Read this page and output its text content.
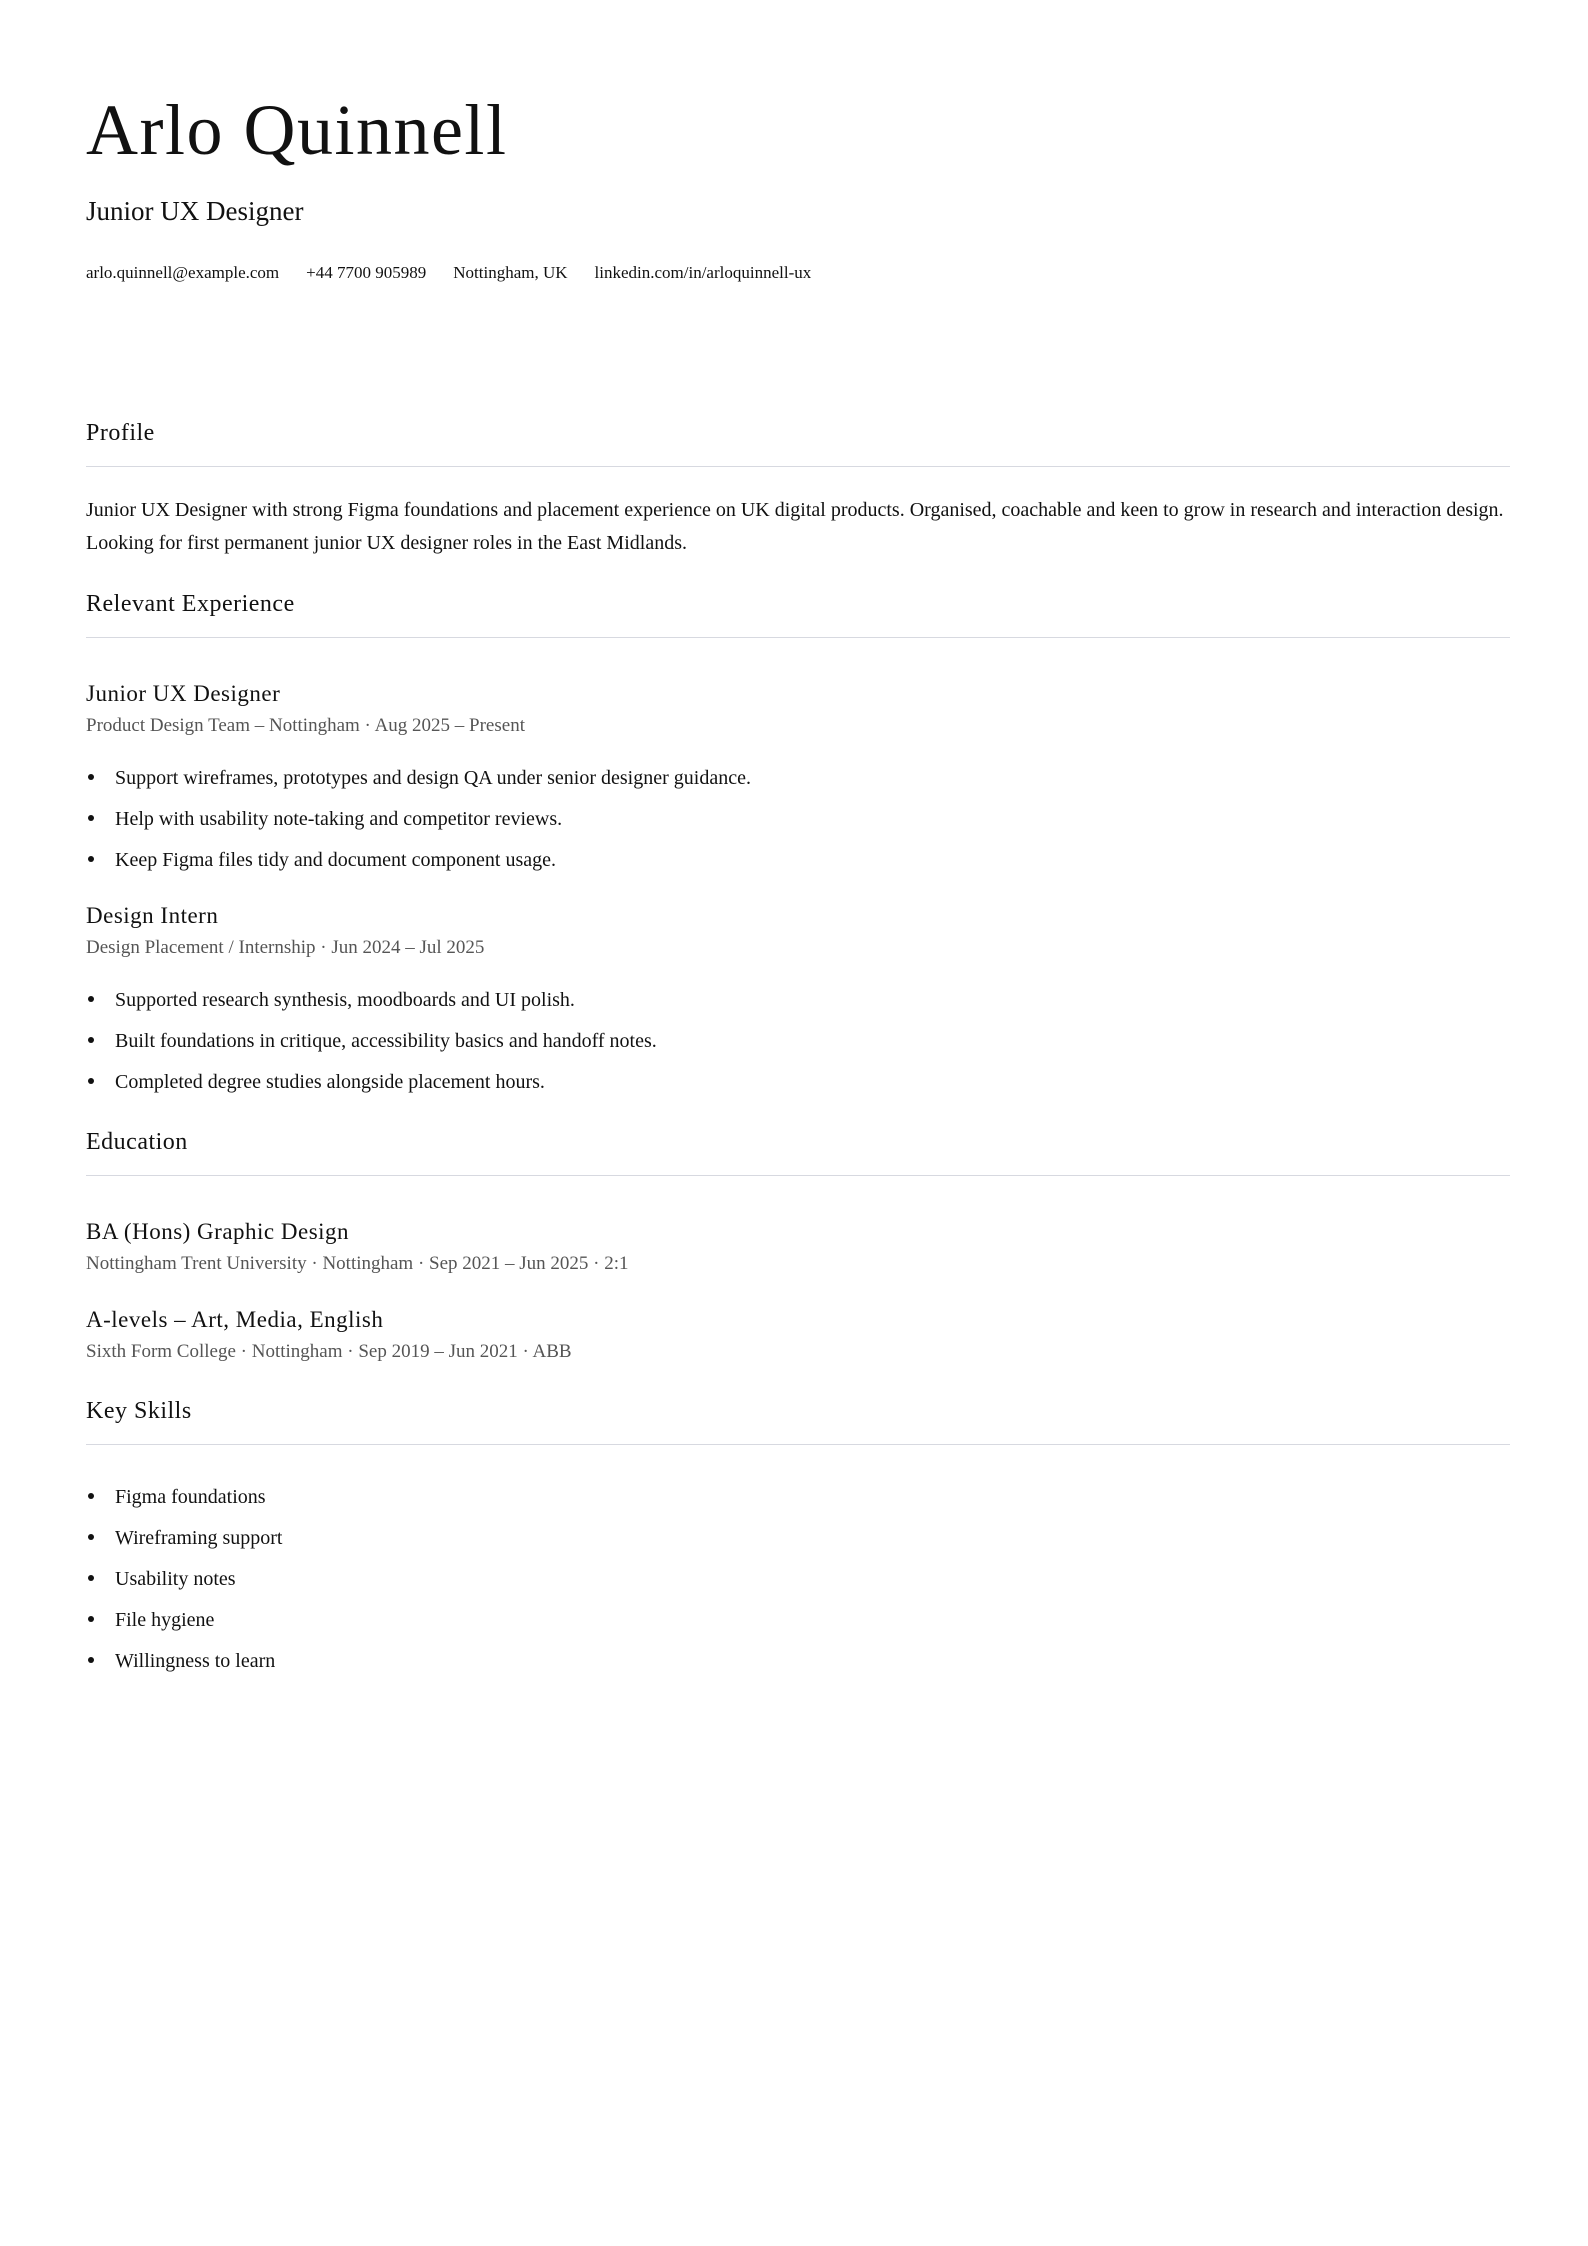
Arlo Quinnell
Junior UX Designer
arlo.quinnell@example.com +44 7700 905989 Nottingham, UK linkedin.com/in/arloquinnell-ux
Profile
Junior UX Designer with strong Figma foundations and placement experience on UK digital products. Organised, coachable and keen to grow in research and interaction design. Looking for first permanent junior UX designer roles in the East Midlands.
Relevant Experience
Junior UX Designer
Product Design Team – Nottingham · Aug 2025 – Present
Support wireframes, prototypes and design QA under senior designer guidance.
Help with usability note-taking and competitor reviews.
Keep Figma files tidy and document component usage.
Design Intern
Design Placement / Internship · Jun 2024 – Jul 2025
Supported research synthesis, moodboards and UI polish.
Built foundations in critique, accessibility basics and handoff notes.
Completed degree studies alongside placement hours.
Education
BA (Hons) Graphic Design
Nottingham Trent University · Nottingham · Sep 2021 – Jun 2025 · 2:1
A-levels – Art, Media, English
Sixth Form College · Nottingham · Sep 2019 – Jun 2021 · ABB
Key Skills
Figma foundations
Wireframing support
Usability notes
File hygiene
Willingness to learn
